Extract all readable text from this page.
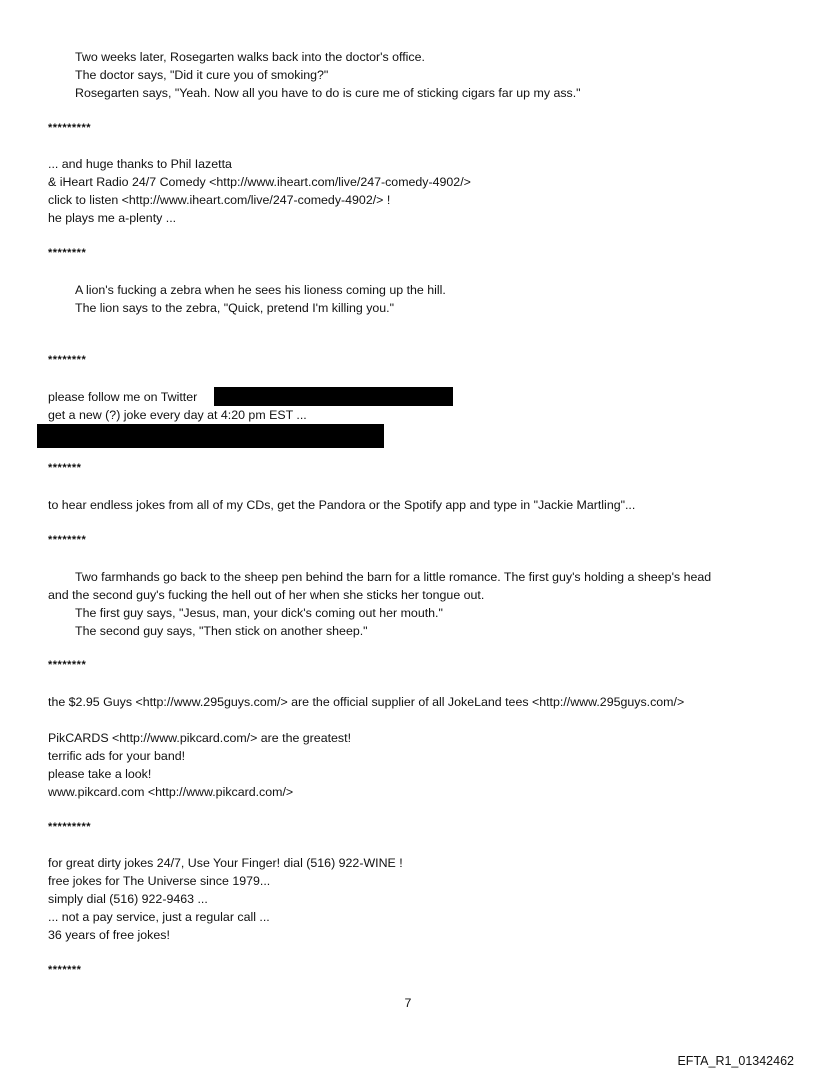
Two weeks later, Rosegarten walks back into the doctor's office.
The doctor says, "Did it cure you of smoking?"
Rosegarten says, "Yeah. Now all you have to do is cure me of sticking cigars far up my ass."
*********
... and huge thanks to Phil Iazetta
& iHeart Radio 24/7 Comedy <http://www.iheart.com/live/247-comedy-4902/>
click to listen <http://www.iheart.com/live/247-comedy-4902/> !
he plays me a-plenty ...
********
A lion's fucking a zebra when he sees his lioness coming up the hill.
The lion says to the zebra, "Quick, pretend I'm killing you."
********
please follow me on Twitter
get a new (?) joke every day at 4:20 pm EST ...
*******
to hear endless jokes from all of my CDs, get the Pandora or the Spotify app and type in "Jackie Martling"...
********
Two farmhands go back to the sheep pen behind the barn for a little romance. The first guy's holding a sheep's head
and the second guy's fucking the hell out of her when she sticks her tongue out.
The first guy says, "Jesus, man, your dick's coming out her mouth."
The second guy says, "Then stick on another sheep."
********
the $2.95 Guys <http://www.295guys.com/> are the official supplier of all JokeLand tees <http://www.295guys.com/>
PikCARDS <http://www.pikcard.com/> are the greatest!
terrific ads for your band!
please take a look!
www.pikcard.com <http://www.pikcard.com/>
*********
for great dirty jokes 24/7, Use Your Finger! dial (516) 922-WINE !
free jokes for The Universe since 1979...
simply dial (516) 922-9463 ...
... not a pay service, just a regular call ...
36 years of free jokes!
*******
7
EFTA_R1_01342462
